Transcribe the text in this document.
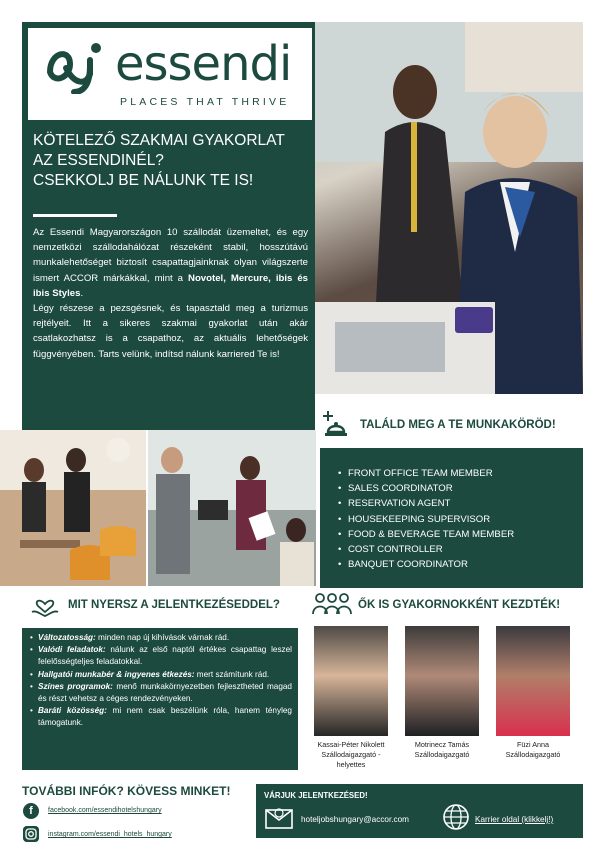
essendi
PLACES THAT THRIVE
KÖTELEZŐ SZAKMAI GYAKORLAT
AZ ESSENDINÉL?
CSEKKOLJ BE NÁLUNK TE IS!
Az Essendi Magyarországon 10 szállodát üzemeltet, és egy nemzetközi szállodahálózat részeként stabil, hosszútávú munkalehetőséget biztosít csapattagjainknak olyan világszerte ismert ACCOR márkákkal, mint a Novotel, Mercure, ibis és ibis Styles.
Légy részese a pezsgésnek, és tapasztald meg a turizmus rejtélyeit. Itt a sikeres szakmai gyakorlat után akár csatlakozhatsz is a csapathoz, az aktuális lehetőségek függvényében. Tarts velünk, indítsd nálunk karriered Te is!
TALÁLD MEG A TE MUNKAKÖRÖD!
• FRONT OFFICE TEAM MEMBER
• SALES COORDINATOR
• RESERVATION AGENT
• HOUSEKEEPING SUPERVISOR
• FOOD & BEVERAGE TEAM MEMBER
• COST CONTROLLER
• BANQUET COORDINATOR
MIT NYERSZ A JELENTKEZÉSEDDEL?
• Változatosság: minden nap új kihívások várnak rád.
• Valódi feladatok: nálunk az első naptól értékes csapattag leszel felelősségteljes feladatokkal.
• Hallgatói munkabér & ingyenes étkezés: mert számítunk rád.
• Színes programok: menő munkakörnyezetben fejlesztheted magad és részt vehetsz a céges rendezvényeken.
• Baráti közösség: mi nem csak beszélünk róla, hanem tényleg támogatunk.
ŐK IS GYAKORNOKKÉNT KEZDTÉK!
Kassai-Péter Nikolett
Szállodaigazgató -
helyettes
Motrinecz Tamás
Szállodaigazgató
Füzi Anna
Szállodaigazgató
TOVÁBBI INFÓK? KÖVESS MINKET!
f	facebook.com/essendihotelshungary
instagram.com/essendi_hotels_hungary
VÁRJUK JELENTKEZÉSED!
hoteljobshungary@accor.com	Karrier oldal (klikkelj!)
